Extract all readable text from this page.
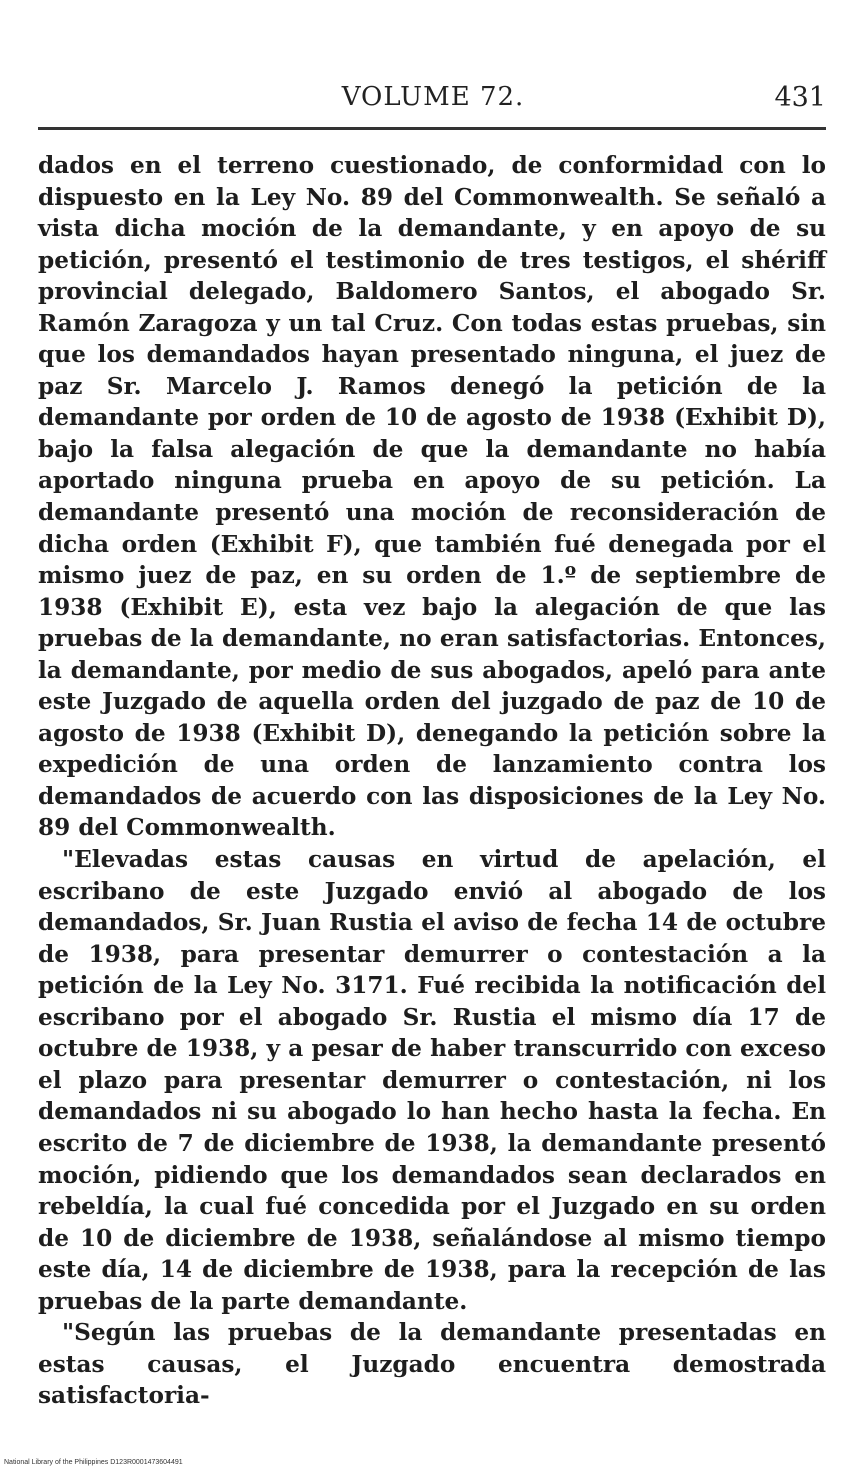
VOLUME 72.	431

dados en el terreno cuestionado, de conformidad con lo dispuesto en la Ley No. 89 del Commonwealth. Se señaló a vista dicha moción de la demandante, y en apoyo de su petición, presentó el testimonio de tres testigos, el shériff provincial delegado, Baldomero Santos, el abogado Sr. Ramón Zaragoza y un tal Cruz. Con todas estas pruebas, sin que los demandados hayan presentado ninguna, el juez de paz Sr. Marcelo J. Ramos denegó la petición de la demandante por orden de 10 de agosto de 1938 (Exhibit D), bajo la falsa alegación de que la demandante no había aportado ninguna prueba en apoyo de su petición. La demandante presentó una moción de reconsideración de dicha orden (Exhibit F), que también fué denegada por el mismo juez de paz, en su orden de 1.º de septiembre de 1938 (Exhibit E), esta vez bajo la alegación de que las pruebas de la demandante, no eran satisfactorias. Entonces, la demandante, por medio de sus abogados, apeló para ante este Juzgado de aquella orden del juzgado de paz de 10 de agosto de 1938 (Exhibit D), denegando la petición sobre la expedición de una orden de lanzamiento contra los demandados de acuerdo con las disposiciones de la Ley No. 89 del Commonwealth.

"Elevadas estas causas en virtud de apelación, el escribano de este Juzgado envió al abogado de los demandados, Sr. Juan Rustia el aviso de fecha 14 de octubre de 1938, para presentar demurrer o contestación a la petición de la Ley No. 3171. Fué recibida la notificación del escribano por el abogado Sr. Rustia el mismo día 17 de octubre de 1938, y a pesar de haber transcurrido con exceso el plazo para presentar demurrer o contestación, ni los demandados ni su abogado lo han hecho hasta la fecha. En escrito de 7 de diciembre de 1938, la demandante presentó moción, pidiendo que los demandados sean declarados en rebeldía, la cual fué concedida por el Juzgado en su orden de 10 de diciembre de 1938, señalándose al mismo tiempo este día, 14 de diciembre de 1938, para la recepción de las pruebas de la parte demandante.

"Según las pruebas de la demandante presentadas en estas causas, el Juzgado encuentra demostrada satisfactoria-

National Library of the Philippines D123R0001473604491
